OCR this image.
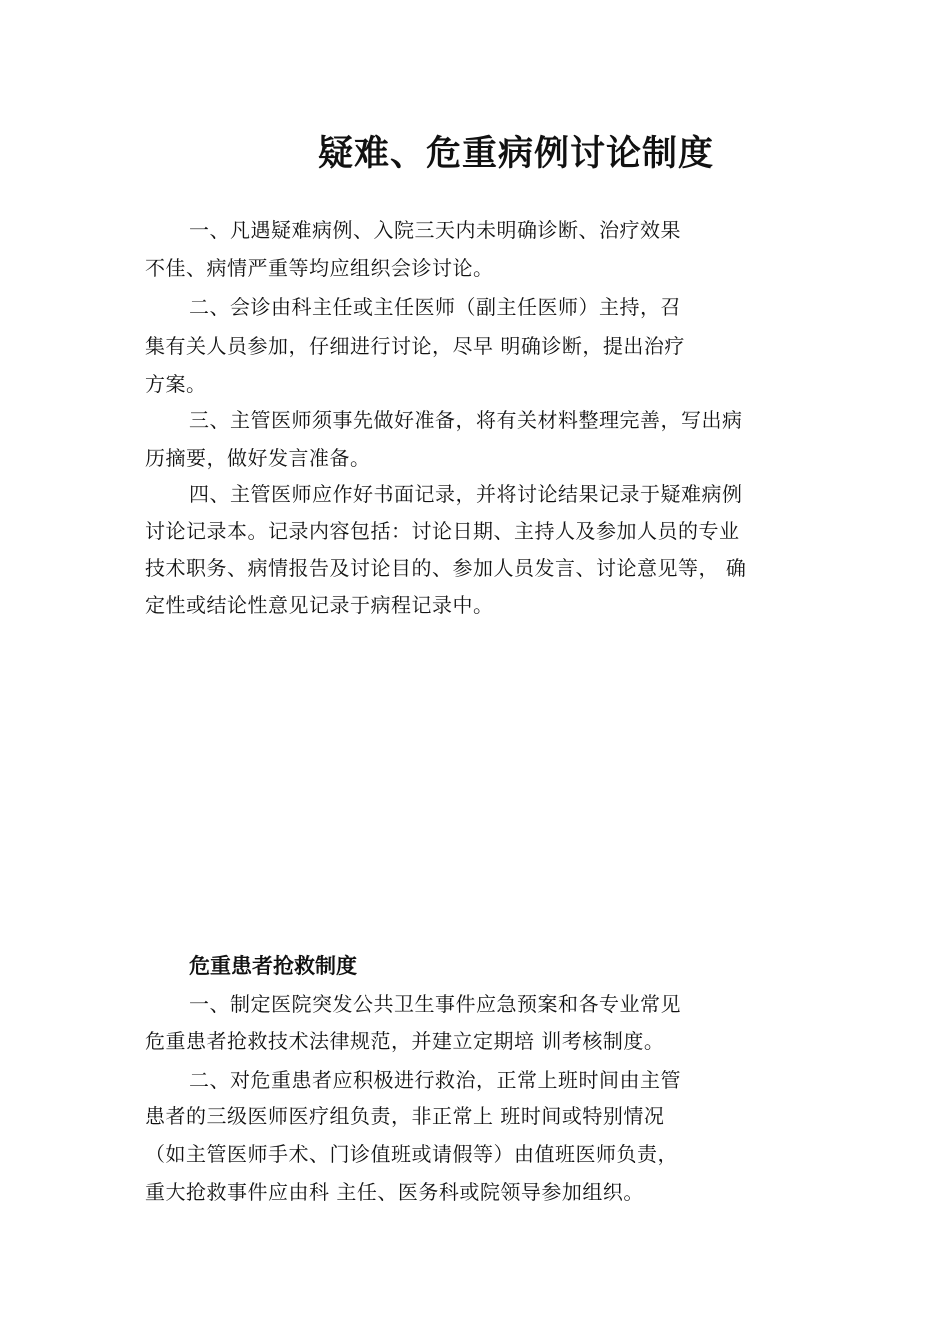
疑难、危重病例讨论制度
一、凡遇疑难病例、入院三天内未明确诊断、治疗效果
不佳、病情严重等均应组织会诊讨论。
二、会诊由科主任或主任医师（副主任医师）主持，召
集有关人员参加，仔细进行讨论，尽早 明确诊断，提出治疗
方案。
三、主管医师须事先做好准备，将有关材料整理完善，写出病
历摘要，做好发言准备。
四、主管医师应作好书面记录，并将讨论结果记录于疑难病例
讨论记录本。记录内容包括：讨论日期、主持人及参加人员的专业
技术职务、病情报告及讨论目的、参加人员发言、讨论意见等， 确
定性或结论性意见记录于病程记录中。
危重患者抢救制度
一、制定医院突发公共卫生事件应急预案和各专业常见
危重患者抢救技术法律规范，并建立定期培 训考核制度。
二、对危重患者应积极进行救治，正常上班时间由主管
患者的三级医师医疗组负责，非正常上 班时间或特别情况
（如主管医师手术、门诊值班或请假等）由值班医师负责，
重大抢救事件应由科 主任、医务科或院领导参加组织。
